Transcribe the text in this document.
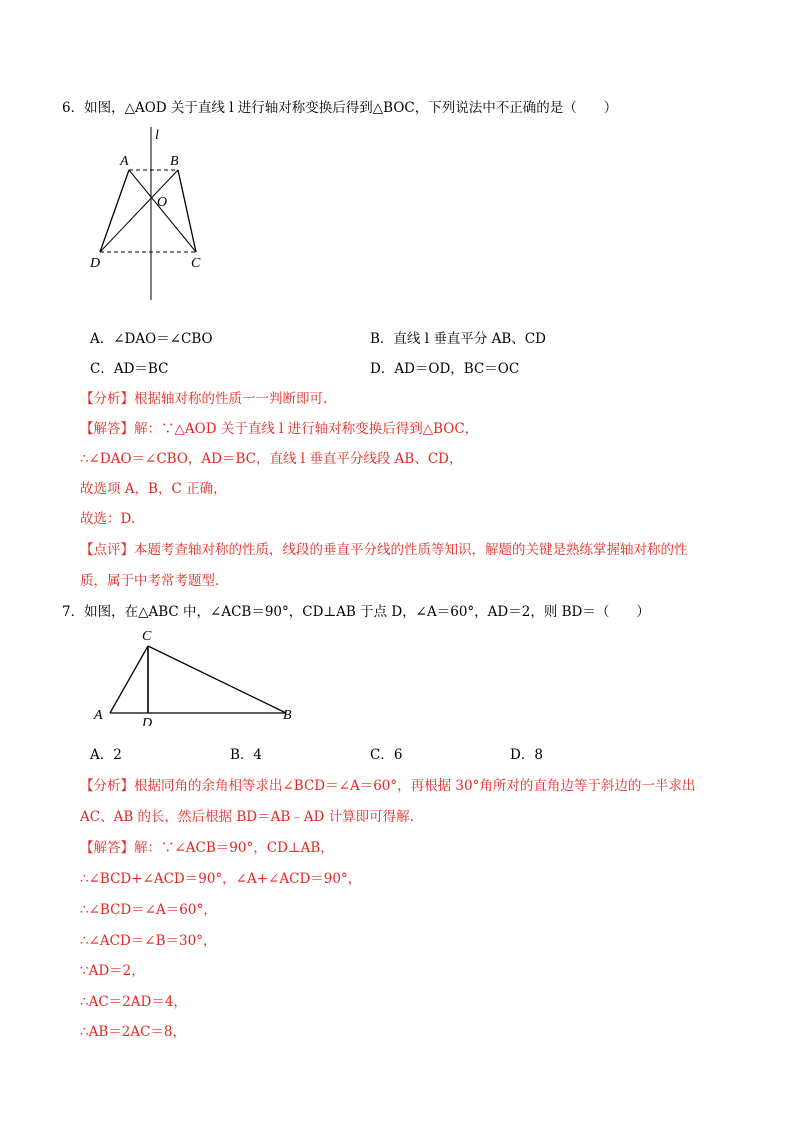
6．如图，△AOD 关于直线 l 进行轴对称变换后得到△BOC，下列说法中不正确的是（　　）
l
A	B
O
D	C
A．∠DAO＝∠CBO	B．直线 l 垂直平分 AB、CD
C．AD＝BC	D．AD＝OD，BC＝OC
【分析】根据轴对称的性质一一判断即可.
【解答】解：∵△AOD 关于直线 l 进行轴对称变换后得到△BOC，
∴∠DAO＝∠CBO，AD＝BC，直线 l 垂直平分线段 AB、CD，
故选项 A，B，C 正确，
故选：D.
【点评】本题考查轴对称的性质，线段的垂直平分线的性质等知识，解题的关键是熟练掌握轴对称的性
质，属于中考常考题型.
7．如图，在△ABC 中，∠ACB＝90°，CD⊥AB 于点 D，∠A＝60°，AD＝2，则 BD＝（　　）
C
A
D
B
A．2	B．4	C．6	D．8
【分析】根据同角的余角相等求出∠BCD＝∠A＝60°，再根据 30°角所对的直角边等于斜边的一半求出
AC、AB 的长，然后根据 BD＝AB﹣AD 计算即可得解.
【解答】解：∵∠ACB＝90°，CD⊥AB，
∴∠BCD+∠ACD＝90°，∠A+∠ACD＝90°，
∴∠BCD＝∠A＝60°，
∴∠ACD＝∠B＝30°，
∵AD＝2，
∴AC＝2AD＝4，
∴AB＝2AC＝8，
